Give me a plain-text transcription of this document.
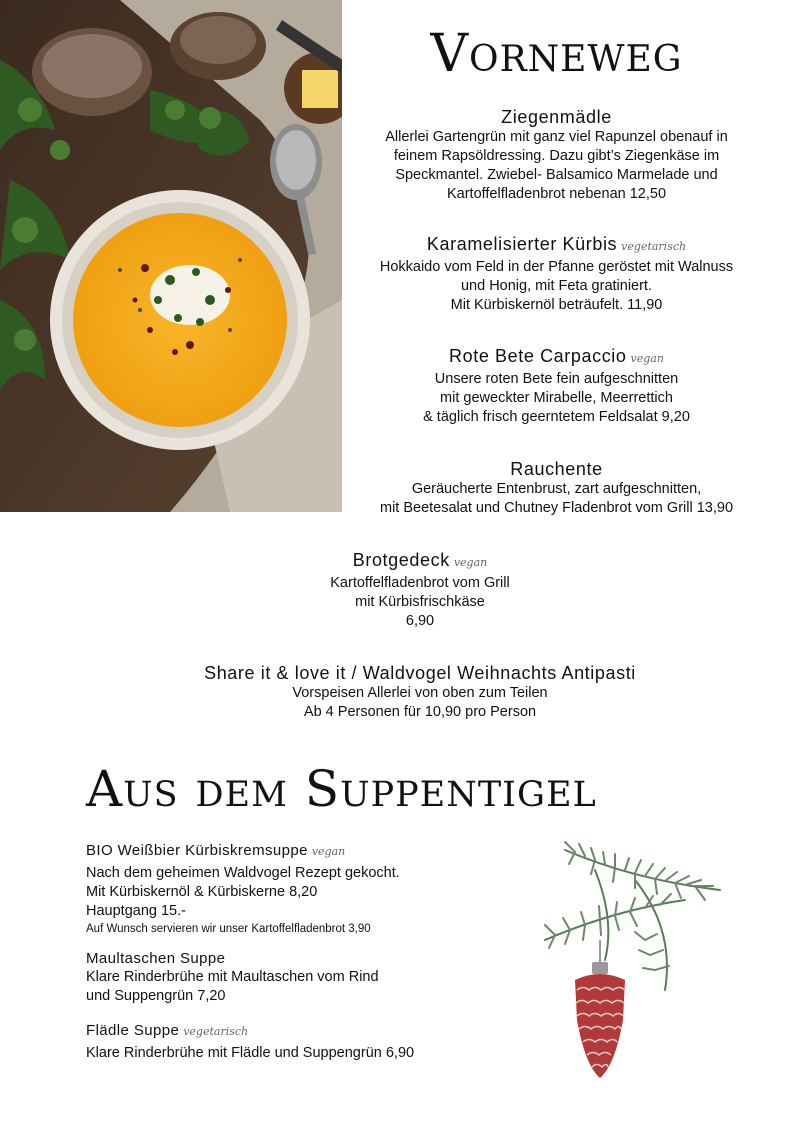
Vorneweg
Ziegenmädle
Allerlei Gartengrün mit ganz viel Rapunzel obenauf in
feinem Rapsöldressing. Dazu gibt’s Ziegenkäse im
Speckmantel. Zwiebel- Balsamico Marmelade und
Kartoffelfladenbrot nebenan 12,50
Karamelisierter Kürbis vegetarisch
Hokkaido vom Feld in der Pfanne geröstet mit Walnuss
und Honig, mit Feta gratiniert.
Mit Kürbiskernöl beträufelt. 11,90
Rote Bete Carpaccio vegan
Unsere roten Bete fein aufgeschnitten
mit geweckter Mirabelle, Meerrettich
& täglich frisch geerntetem Feldsalat 9,20
Rauchente
Geräucherte Entenbrust, zart aufgeschnitten,
mit Beetesalat und Chutney Fladenbrot vom Grill 13,90
Brotgedeck vegan
Kartoffelfladenbrot vom Grill
mit Kürbisfrischkäse
6,90
Share it & love it / Waldvogel Weihnachts Antipasti
Vorspeisen Allerlei von oben zum Teilen
Ab 4 Personen für 10,90 pro Person
Aus dem Suppentigel
BIO Weißbier Kürbiskremsuppe vegan
Nach dem geheimen Waldvogel Rezept gekocht.
Mit Kürbiskernöl & Kürbiskerne 8,20
Hauptgang 15.-
Auf Wunsch servieren wir unser Kartoffelfladenbrot 3,90
Maultaschen Suppe
Klare Rinderbrühe mit Maultaschen vom Rind
und Suppengrün 7,20
Flädle Suppe vegetarisch
Klare Rinderbrühe mit Flädle und Suppengrün 6,90
